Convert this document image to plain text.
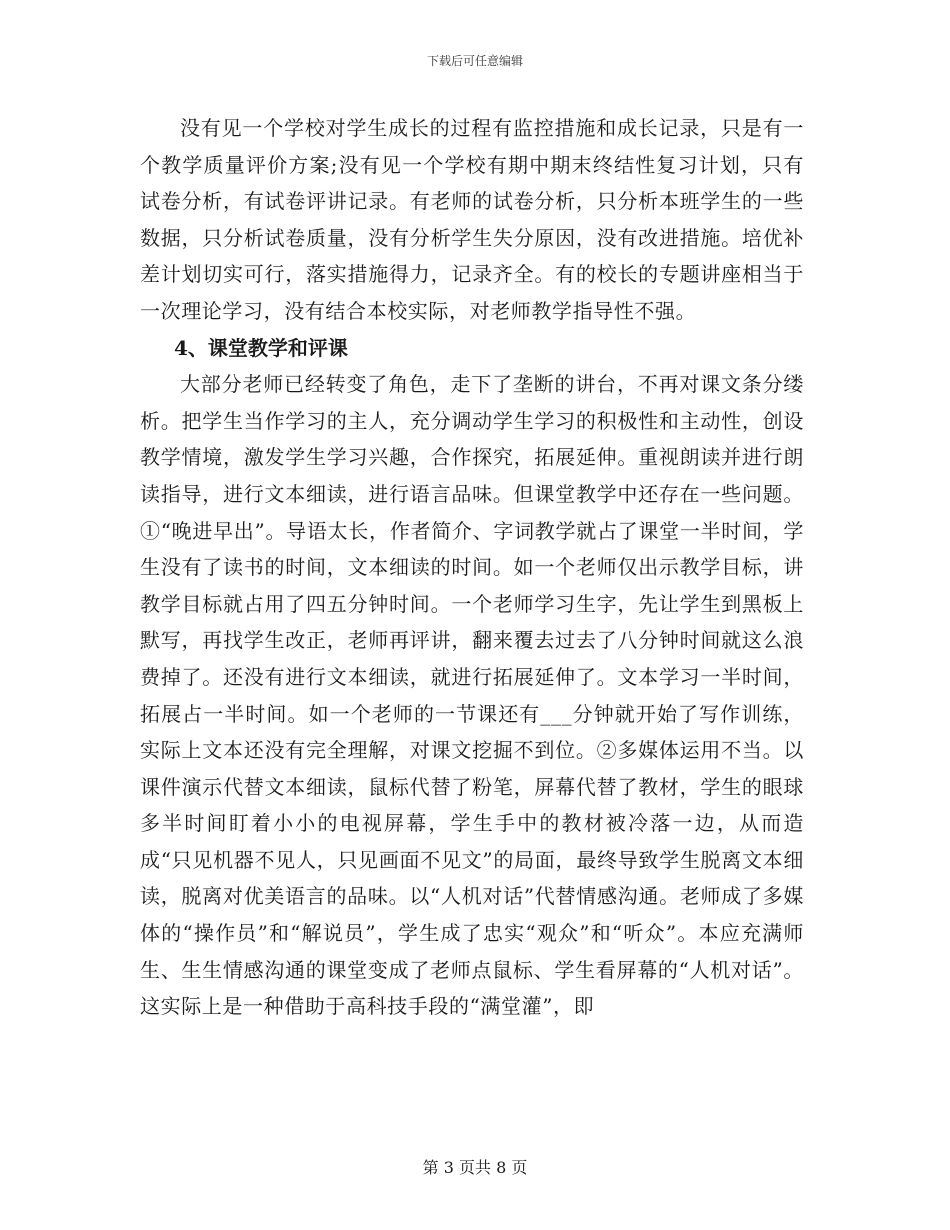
下载后可任意编辑

没有见一个学校对学生成长的过程有监控措施和成长记录，只是有一个教学质量评价方案;没有见一个学校有期中期末终结性复习计划，只有试卷分析，有试卷评讲记录。有老师的试卷分析，只分析本班学生的一些数据，只分析试卷质量，没有分析学生失分原因，没有改进措施。培优补差计划切实可行，落实措施得力，记录齐全。有的校长的专题讲座相当于一次理论学习，没有结合本校实际，对老师教学指导性不强。

4、课堂教学和评课

大部分老师已经转变了角色，走下了垄断的讲台，不再对课文条分缕析。把学生当作学习的主人，充分调动学生学习的积极性和主动性，创设教学情境，激发学生学习兴趣，合作探究，拓展延伸。重视朗读并进行朗读指导，进行文本细读，进行语言品味。但课堂教学中还存在一些问题。①“晚进早出”。导语太长，作者简介、字词教学就占了课堂一半时间，学生没有了读书的时间，文本细读的时间。如一个老师仅出示教学目标，讲教学目标就占用了四五分钟时间。一个老师学习生字，先让学生到黑板上默写，再找学生改正，老师再评讲，翻来覆去过去了八分钟时间就这么浪费掉了。还没有进行文本细读，就进行拓展延伸了。文本学习一半时间，拓展占一半时间。如一个老师的一节课还有___分钟就开始了写作训练，实际上文本还没有完全理解，对课文挖掘不到位。②多媒体运用不当。以课件演示代替文本细读，鼠标代替了粉笔，屏幕代替了教材，学生的眼球多半时间盯着小小的电视屏幕，学生手中的教材被冷落一边，从而造成“只见机器不见人，只见画面不见文”的局面，最终导致学生脱离文本细读，脱离对优美语言的品味。以“人机对话”代替情感沟通。老师成了多媒体的“操作员”和“解说员”，学生成了忠实“观众”和“听众”。本应充满师生、生生情感沟通的课堂变成了老师点鼠标、学生看屏幕的“人机对话”。这实际上是一种借助于高科技手段的“满堂灌”，即

第 3 页共 8 页
